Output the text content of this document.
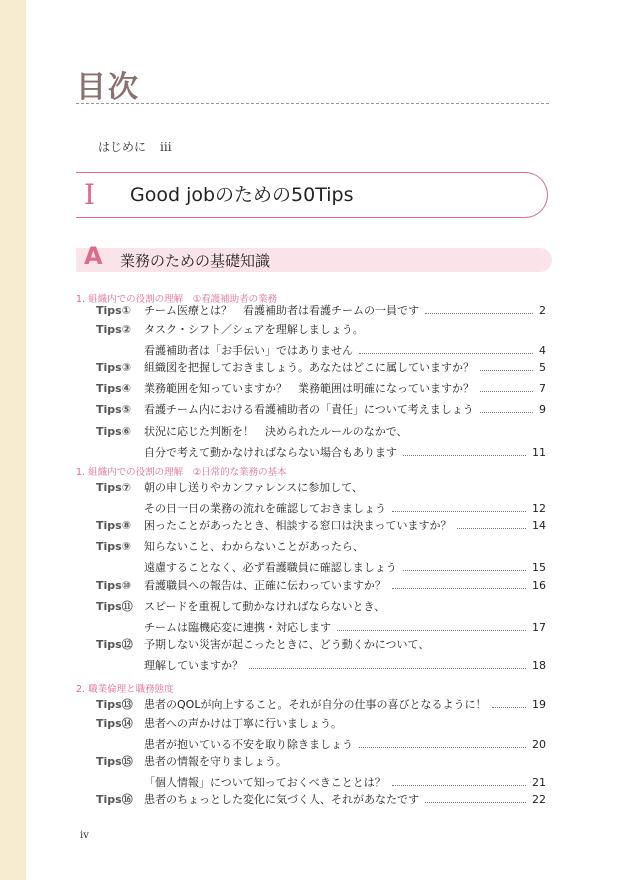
目次
はじめに iii
I Good jobのための50Tips
A 業務のための基礎知識
1. 組織内での役割の理解　①看護補助者の業務
Tips① チーム医療とは？　看護補助者は看護チームの一員です	2
Tips② タスク・シフト／シェアを理解しましょう。
看護補助者は「お手伝い」ではありません	4
Tips③ 組織図を把握しておきましょう。あなたはどこに属していますか？	5
Tips④ 業務範囲を知っていますか？　業務範囲は明確になっていますか？	7
Tips⑤ 看護チーム内における看護補助者の「責任」について考えましょう	9
Tips⑥ 状況に応じた判断を！　決められたルールのなかで、
自分で考えて動かなければならない場合もあります	11
1. 組織内での役割の理解　②日常的な業務の基本
Tips⑦ 朝の申し送りやカンファレンスに参加して、
その日一日の業務の流れを確認しておきましょう	12
Tips⑧ 困ったことがあったとき、相談する窓口は決まっていますか？	14
Tips⑨ 知らないこと、わからないことがあったら、
遠慮することなく、必ず看護職員に確認しましょう	15
Tips⑩ 看護職員への報告は、正確に伝わっていますか？	16
Tips⑪ スピードを重視して動かなければならないとき、
チームは臨機応変に連携・対応します	17
Tips⑫ 予期しない災害が起こったときに、どう動くかについて、
理解していますか？	18
2. 職業倫理と職務態度
Tips⑬ 患者のQOLが向上すること。それが自分の仕事の喜びとなるように！	19
Tips⑭ 患者への声かけは丁寧に行いましょう。
患者が抱いている不安を取り除きましょう	20
Tips⑮ 患者の情報を守りましょう。
「個人情報」について知っておくべきこととは？	21
Tips⑯ 患者のちょっとした変化に気づく人、それがあなたです	22
iv
